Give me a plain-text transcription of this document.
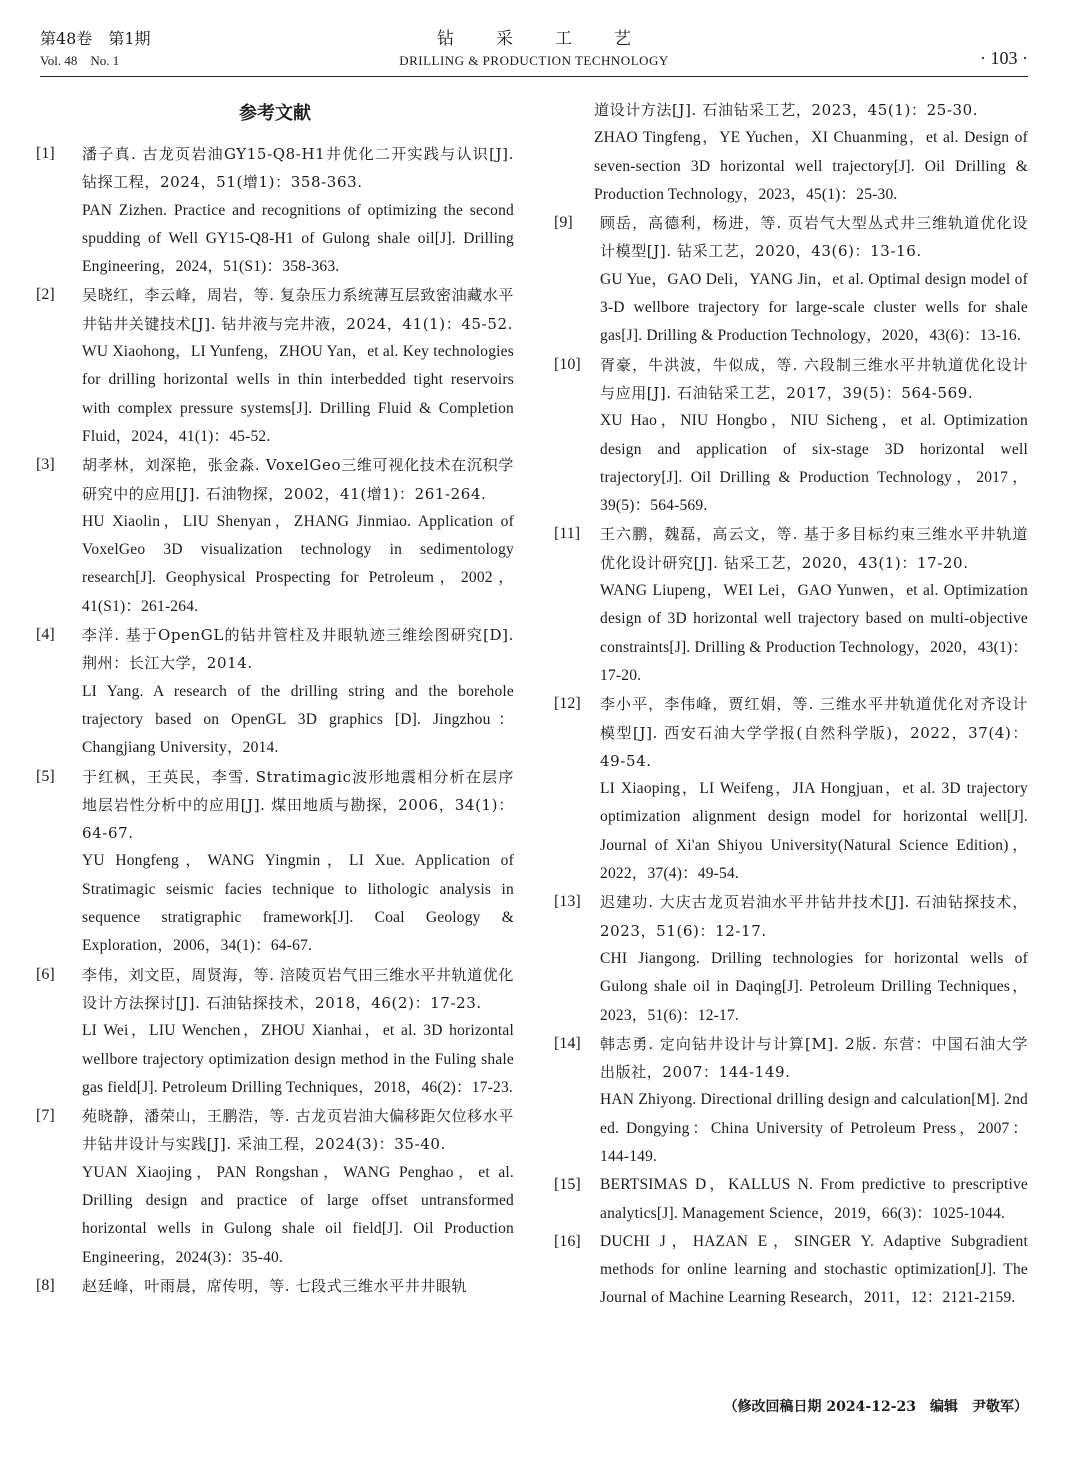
第48卷　第1期
Vol. 48　No. 1
钻采工艺
DRILLING & PRODUCTION TECHNOLOGY	· 103 ·
参考文献
[1]	潘子真. 古龙页岩油GY15-Q8-H1井优化二开实践与认识[J]. 钻探工程，2024，51(增1)：358-363.

PAN Zizhen. Practice and recognitions of optimizing the second spudding of Well GY15-Q8-H1 of Gulong shale oil[J]. Drilling Engineering，2024，51(S1)：358-363.

[2]	吴晓红，李云峰，周岩，等. 复杂压力系统薄互层致密油藏水平井钻井关键技术[J]. 钻井液与完井液，2024，41(1)：45-52.

WU Xiaohong，LI Yunfeng，ZHOU Yan，et al. Key technologies for drilling horizontal wells in thin interbedded tight reservoirs with complex pressure systems[J]. Drilling Fluid & Completion Fluid，2024，41(1)：45-52.

[3]	胡孝林，刘深艳，张金淼. VoxelGeo三维可视化技术在沉积学研究中的应用[J]. 石油物探，2002，41(增1)：261-264.

HU Xiaolin，LIU Shenyan，ZHANG Jinmiao. Application of VoxelGeo 3D visualization technology in sedimentology research[J]. Geophysical Prospecting for Petroleum，2002，41(S1)：261-264.

[4]	李洋. 基于OpenGL的钻井管柱及井眼轨迹三维绘图研究[D]. 荆州：长江大学，2014.

LI Yang. A research of the drilling string and the borehole trajectory based on OpenGL 3D graphics [D]. Jingzhou：Changjiang University，2014.

[5]	于红枫，王英民，李雪. Stratimagic波形地震相分析在层序地层岩性分析中的应用[J]. 煤田地质与勘探，2006，34(1)：64-67.

YU Hongfeng，WANG Yingmin，LI Xue. Application of Stratimagic seismic facies technique to lithologic analysis in sequence stratigraphic framework[J]. Coal Geology & Exploration，2006，34(1)：64-67.

[6]	李伟，刘文臣，周贤海，等. 涪陵页岩气田三维水平井轨道优化设计方法探讨[J]. 石油钻探技术，2018，46(2)：17-23.

LI Wei，LIU Wenchen，ZHOU Xianhai，et al. 3D horizontal wellbore trajectory optimization design method in the Fuling shale gas field[J]. Petroleum Drilling Techniques，2018，46(2)：17-23.

[7]	苑晓静，潘荣山，王鹏浩，等. 古龙页岩油大偏移距欠位移水平井钻井设计与实践[J]. 采油工程，2024(3)：35-40.

YUAN Xiaojing，PAN Rongshan，WANG Penghao，et al. Drilling design and practice of large offset untransformed horizontal wells in Gulong shale oil field[J]. Oil Production Engineering，2024(3)：35-40.

[8]	赵廷峰，叶雨晨，席传明，等. 七段式三维水平井井眼轨

道设计方法[J]. 石油钻采工艺，2023，45(1)：25-30.

ZHAO Tingfeng，YE Yuchen，XI Chuanming，et al. Design of seven-section 3D horizontal well trajectory[J]. Oil Drilling & Production Technology，2023，45(1)：25-30.

[9]	顾岳，高德利，杨进，等. 页岩气大型丛式井三维轨道优化设计模型[J]. 钻采工艺，2020，43(6)：13-16.

GU Yue，GAO Deli，YANG Jin，et al. Optimal design model of 3-D wellbore trajectory for large-scale cluster wells for shale gas[J]. Drilling & Production Technology，2020，43(6)：13-16.

[10]	胥豪，牛洪波，牛似成，等. 六段制三维水平井轨道优化设计与应用[J]. 石油钻采工艺，2017，39(5)：564-569.

XU Hao，NIU Hongbo，NIU Sicheng，et al. Optimization design and application of six-stage 3D horizontal well trajectory[J]. Oil Drilling & Production Technology，2017，39(5)：564-569.

[11]	王六鹏，魏磊，高云文，等. 基于多目标约束三维水平井轨道优化设计研究[J]. 钻采工艺，2020，43(1)：17-20.

WANG Liupeng，WEI Lei，GAO Yunwen，et al. Optimization design of 3D horizontal well trajectory based on multi-objective constraints[J]. Drilling & Production Technology，2020，43(1)：17-20.

[12]	李小平，李伟峰，贾红娟，等. 三维水平井轨道优化对齐设计模型[J]. 西安石油大学学报(自然科学版)，2022，37(4)：49-54.

LI Xiaoping，LI Weifeng，JIA Hongjuan，et al. 3D trajectory optimization alignment design model for horizontal well[J]. Journal of Xi'an Shiyou University(Natural Science Edition)，2022，37(4)：49-54.

[13]	迟建功. 大庆古龙页岩油水平井钻井技术[J]. 石油钻探技术，2023，51(6)：12-17.

CHI Jiangong. Drilling technologies for horizontal wells of Gulong shale oil in Daqing[J]. Petroleum Drilling Techniques，2023，51(6)：12-17.

[14]	韩志勇. 定向钻井设计与计算[M]. 2版. 东营：中国石油大学出版社，2007：144-149.

HAN Zhiyong. Directional drilling design and calculation[M]. 2nd ed. Dongying：China University of Petroleum Press，2007：144-149.

[15]	BERTSIMAS D，KALLUS N. From predictive to prescriptive analytics[J]. Management Science，2019，66(3)：1025-1044.

[16]	DUCHI J，HAZAN E，SINGER Y. Adaptive Subgradient methods for online learning and stochastic optimization[J]. The Journal of Machine Learning Research，2011，12：2121-2159.

（修改回稿日期 2024-12-23　编辑　尹敬军）
